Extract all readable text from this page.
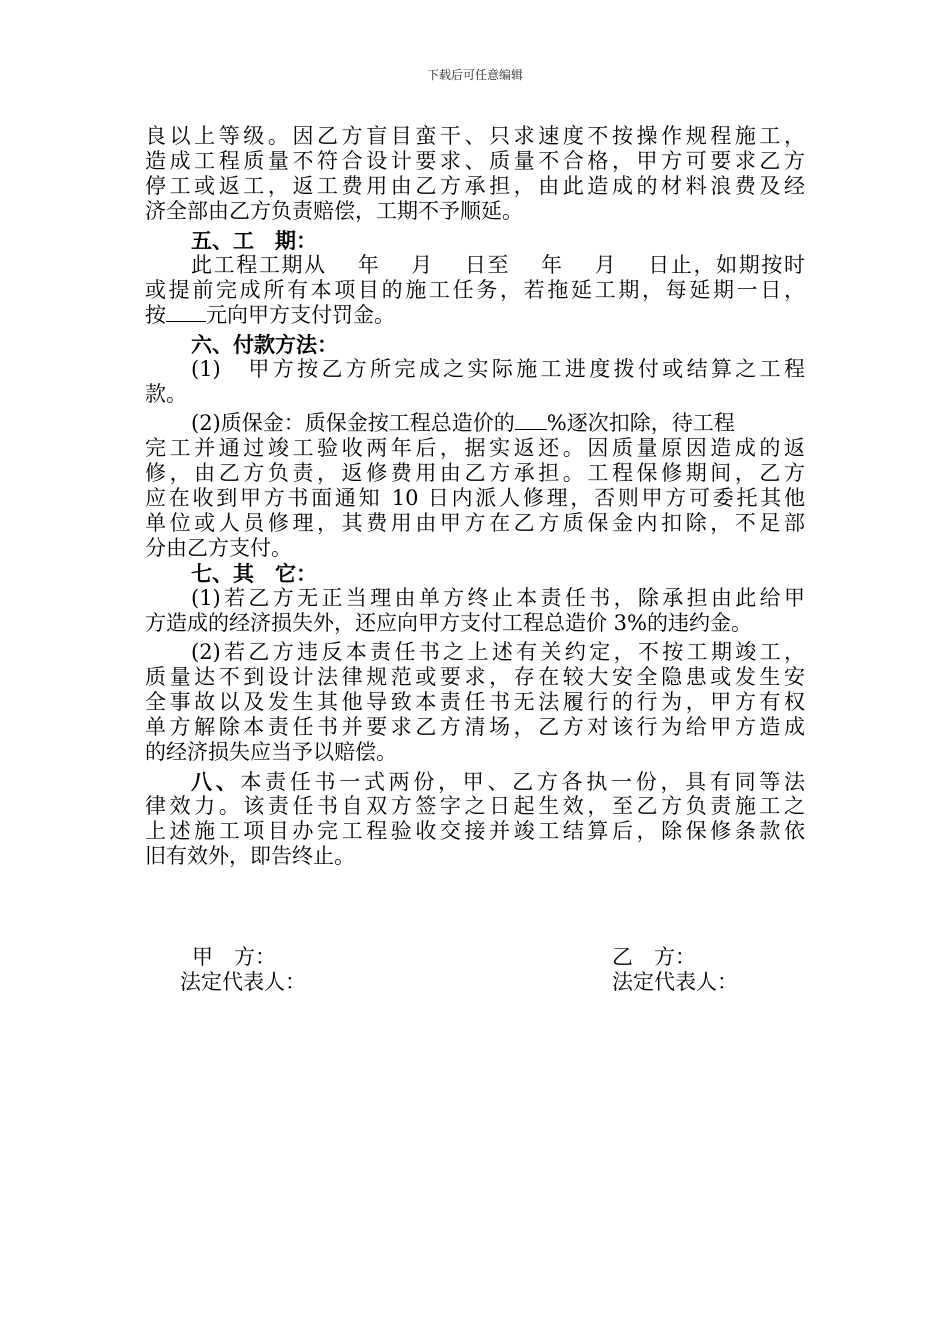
下载后可任意编辑
良以上等级。因乙方盲目蛮干、只求速度不按操作规程施工，
造成工程质量不符合设计要求、质量不合格，甲方可要求乙方
停工或返工，返工费用由乙方承担，由此造成的材料浪费及经
济全部由乙方负责赔偿，工期不予顺延。
五、工　期：
此工程工期从　 年　 月　 日至　 年　 月　 日止，如期按时
或提前完成所有本项目的施工任务，若拖延工期，每延期一日，
按 元向甲方支付罚金。
六、付款方法：
(1)　甲方按乙方所完成之实际施工进度拨付或结算之工程
款。
(2)质保金：质保金按工程总造价的 %逐次扣除，待工程
完工并通过竣工验收两年后，据实返还。因质量原因造成的返
修，由乙方负责，返修费用由乙方承担。工程保修期间，乙方
应在收到甲方书面通知 10 日内派人修理，否则甲方可委托其他
单位或人员修理，其费用由甲方在乙方质保金内扣除，不足部
分由乙方支付。
七、其　它：
(1)若乙方无正当理由单方终止本责任书，除承担由此给甲
方造成的经济损失外，还应向甲方支付工程总造价 3%的违约金。
(2)若乙方违反本责任书之上述有关约定，不按工期竣工，
质量达不到设计法律规范或要求，存在较大安全隐患或发生安
全事故以及发生其他导致本责任书无法履行的行为，甲方有权
单方解除本责任书并要求乙方清场，乙方对该行为给甲方造成
的经济损失应当予以赔偿。
八、本责任书一式两份，甲、乙方各执一份，具有同等法
律效力。该责任书自双方签字之日起生效，至乙方负责施工之
上述施工项目办完工程验收交接并竣工结算后，除保修条款依
旧有效外，即告终止。
甲　方：
法定代表人：
乙　方：
法定代表人：
